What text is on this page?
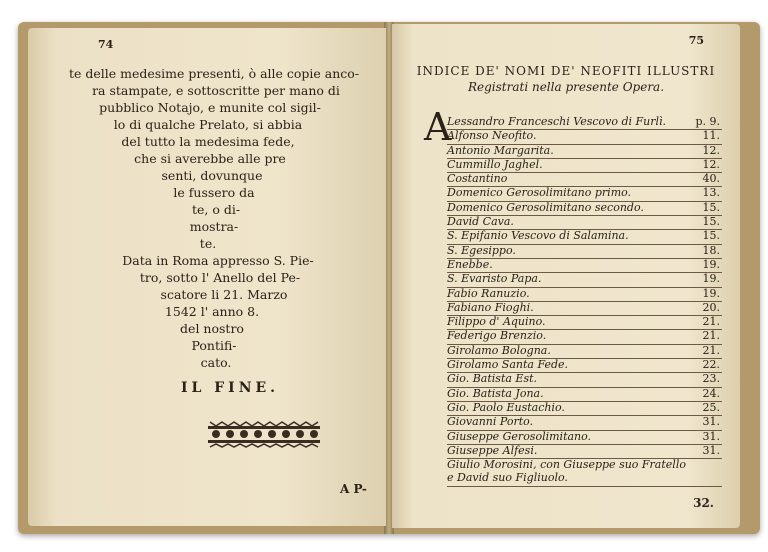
74
te delle medesime presenti, ò alle copie anco-
ra stampate, e sottoscritte per mano di
pubblico Notajo, e munite col sigil-
lo di qualche Prelato, si abbia
del tutto la medesima fede,
che si averebbe alle pre
senti, dovunque
le fussero da
te, o di-
mostra-
te.
Data in Roma appresso S. Pie-
tro, sotto l' Anello del Pe-
scatore li 21. Marzo
1542 l' anno 8.
del nostro
Pontifi-
cato.
IL FINE.
A P-
75
INDICE DE' NOMI DE' NEOFITI ILLUSTRI
Registrati nella presente Opera.
A
Lessandro Franceschi Vescovo di Furlì.	p. 9.
Alfonso Neofito.	11.
Antonio Margarita.	12.
Cummillo Jaghel.	12.
Costantino	40.
Domenico Gerosolimitano primo.	13.
Domenico Gerosolimitano secondo.	15.
David Cava.	15.
S. Epifanio Vescovo di Salamina.	15.
S. Egesippo.	18.
Enebbe.	19.
S. Evaristo Papa.	19.
Fabio Ranuzio.	19.
Fabiano Fioghi.	20.
Filippo d' Aquino.	21.
Federigo Brenzio.	21.
Girolamo Bologna.	21.
Girolamo Santa Fede.	22.
Gio. Batista Est.	23.
Gio. Batista Jona.	24.
Gio. Paolo Eustachio.	25.
Giovanni Porto.	31.
Giuseppe Gerosolimitano.	31.
Giuseppe Alfesi.	31.
Giulio Morosini, con Giuseppe suo Fratello
e David suo Figliuolo.
32.
